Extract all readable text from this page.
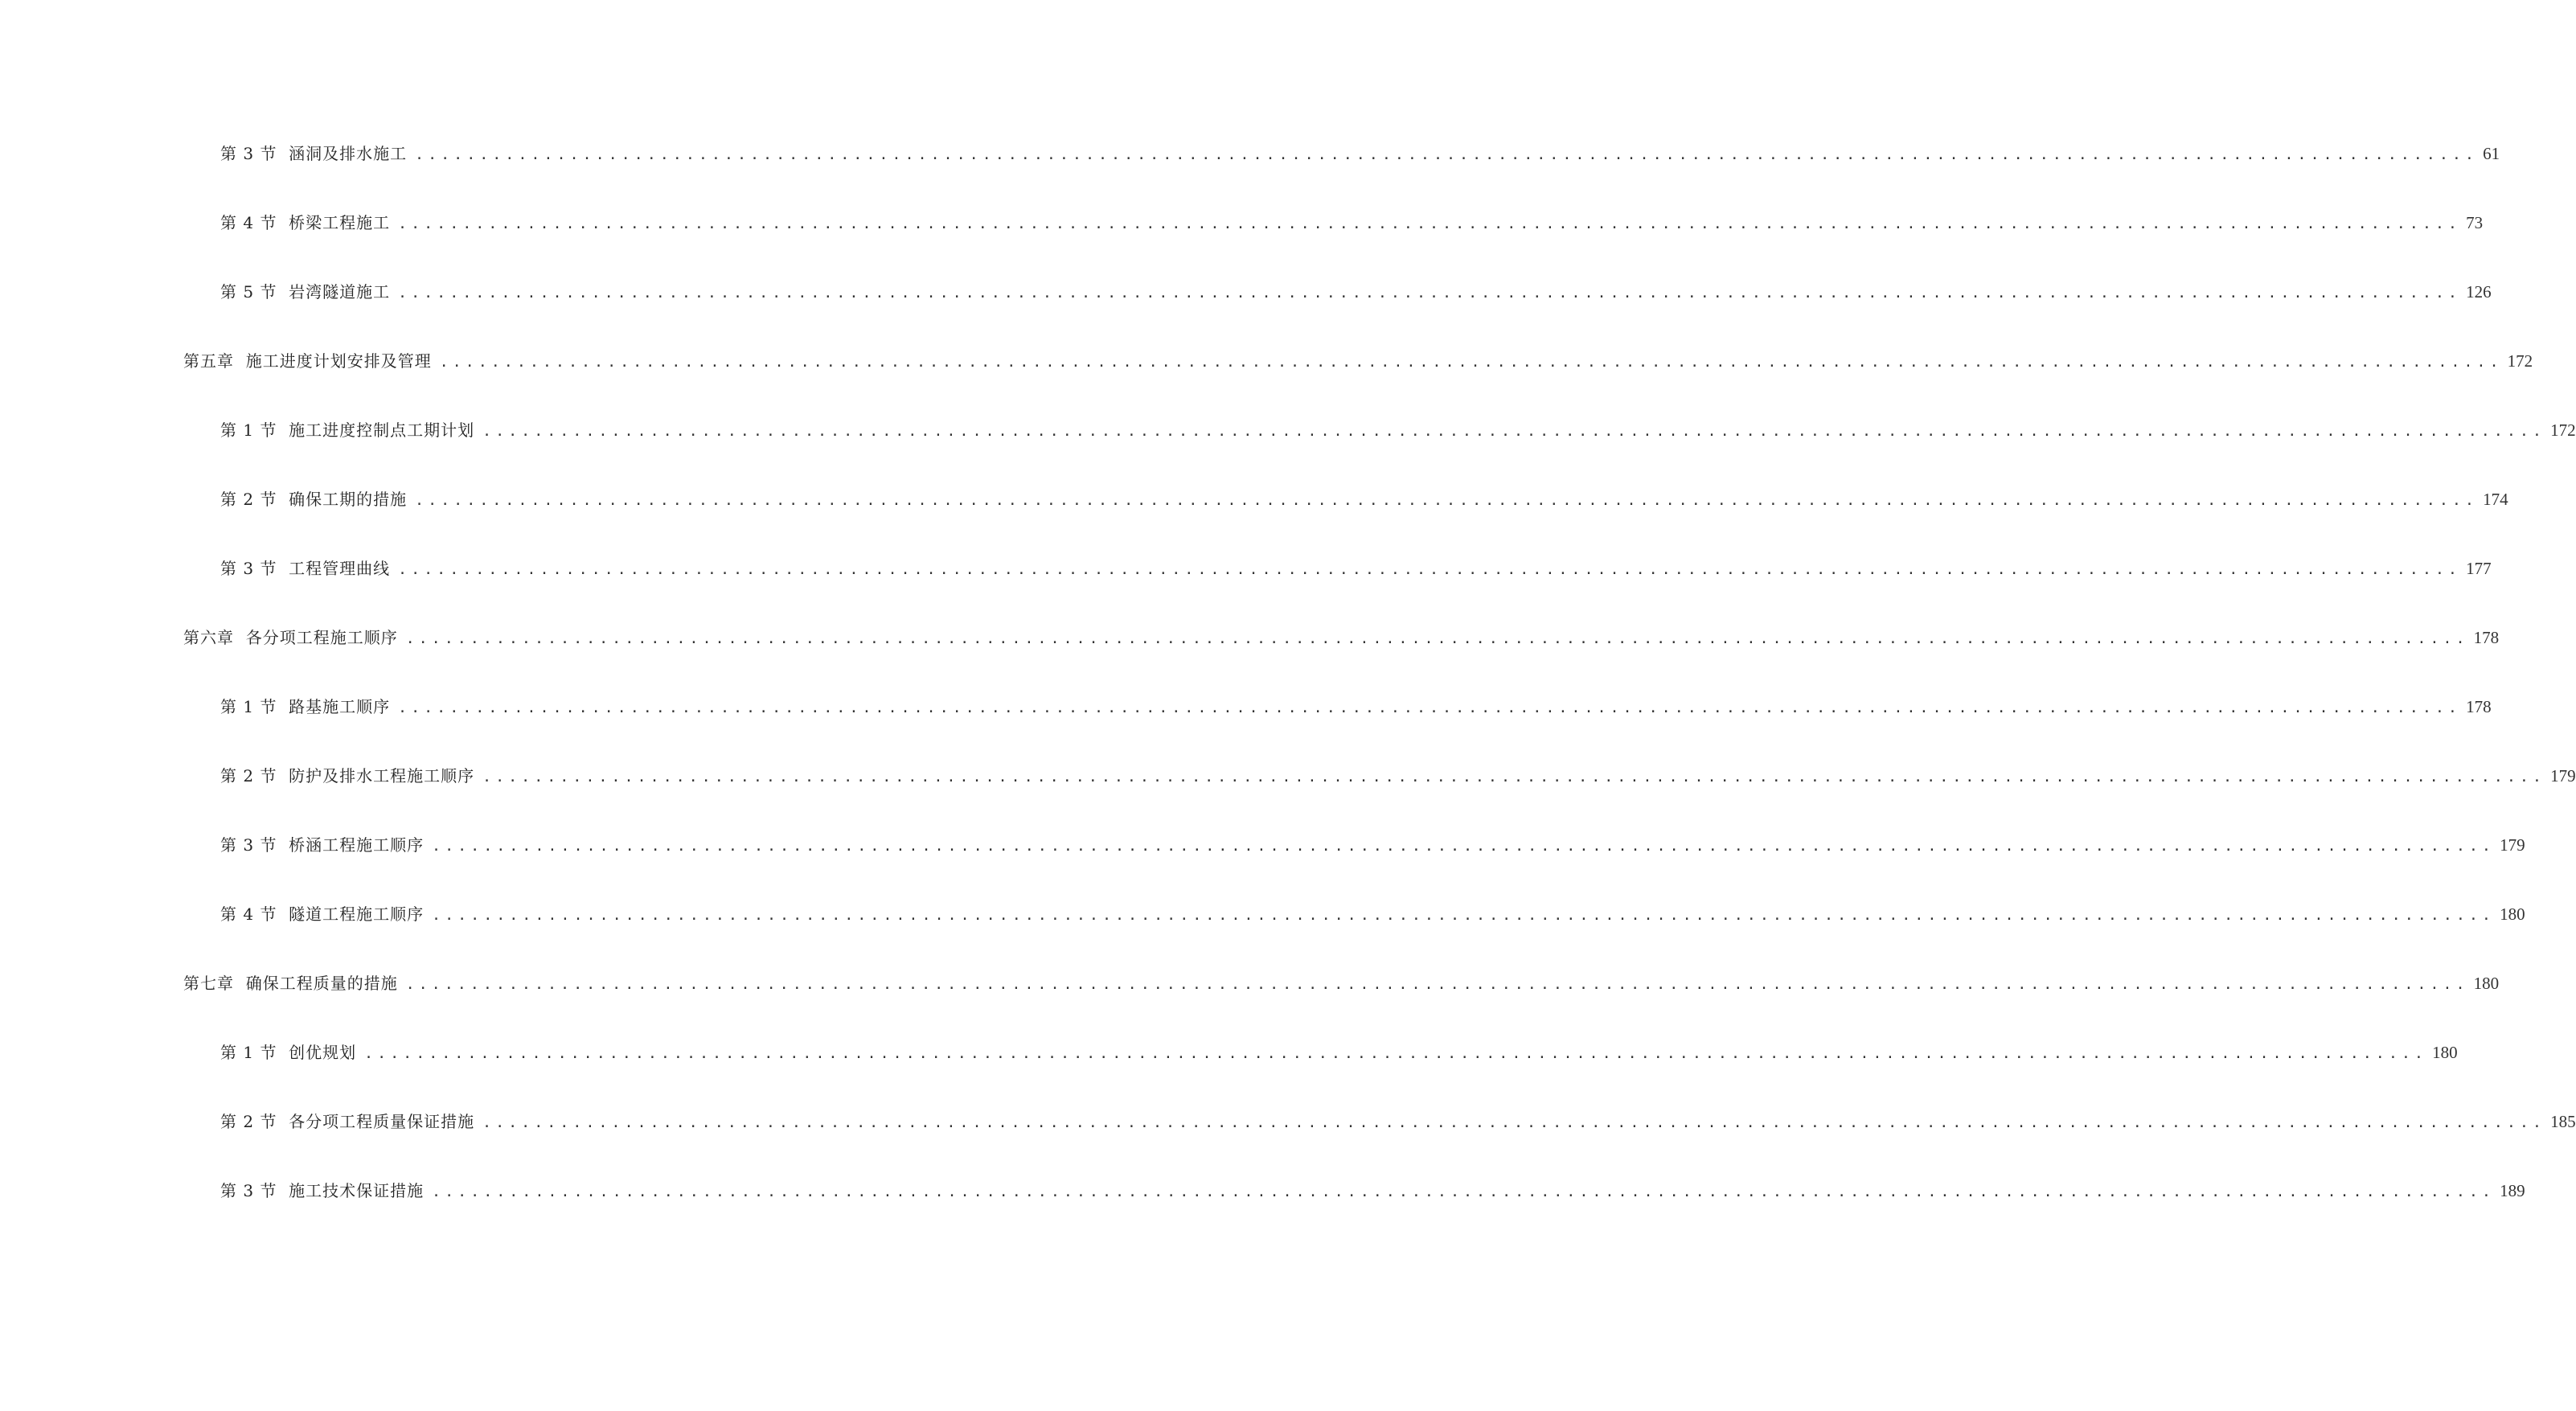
第 3 节 涵洞及排水施工 ................................................................................................................................................................ 61
第 4 节 桥梁工程施工 ................................................................................................................................................................ 73
第 5 节 岩湾隧道施工 ................................................................................................................................................................ 126
第五章 施工进度计划安排及管理 ................................................................................................................................................................ 172
第 1 节 施工进度控制点工期计划 ................................................................................................................................................................ 172
第 2 节 确保工期的措施 ................................................................................................................................................................ 174
第 3 节 工程管理曲线 ................................................................................................................................................................ 177
第六章 各分项工程施工顺序 ................................................................................................................................................................ 178
第 1 节 路基施工顺序 ................................................................................................................................................................ 178
第 2 节 防护及排水工程施工顺序 ................................................................................................................................................................ 179
第 3 节 桥涵工程施工顺序 ................................................................................................................................................................ 179
第 4 节 隧道工程施工顺序 ................................................................................................................................................................ 180
第七章 确保工程质量的措施 ................................................................................................................................................................ 180
第 1 节 创优规划 ................................................................................................................................................................ 180
第 2 节 各分项工程质量保证措施 ................................................................................................................................................................ 185
第 3 节 施工技术保证措施 ................................................................................................................................................................ 189
